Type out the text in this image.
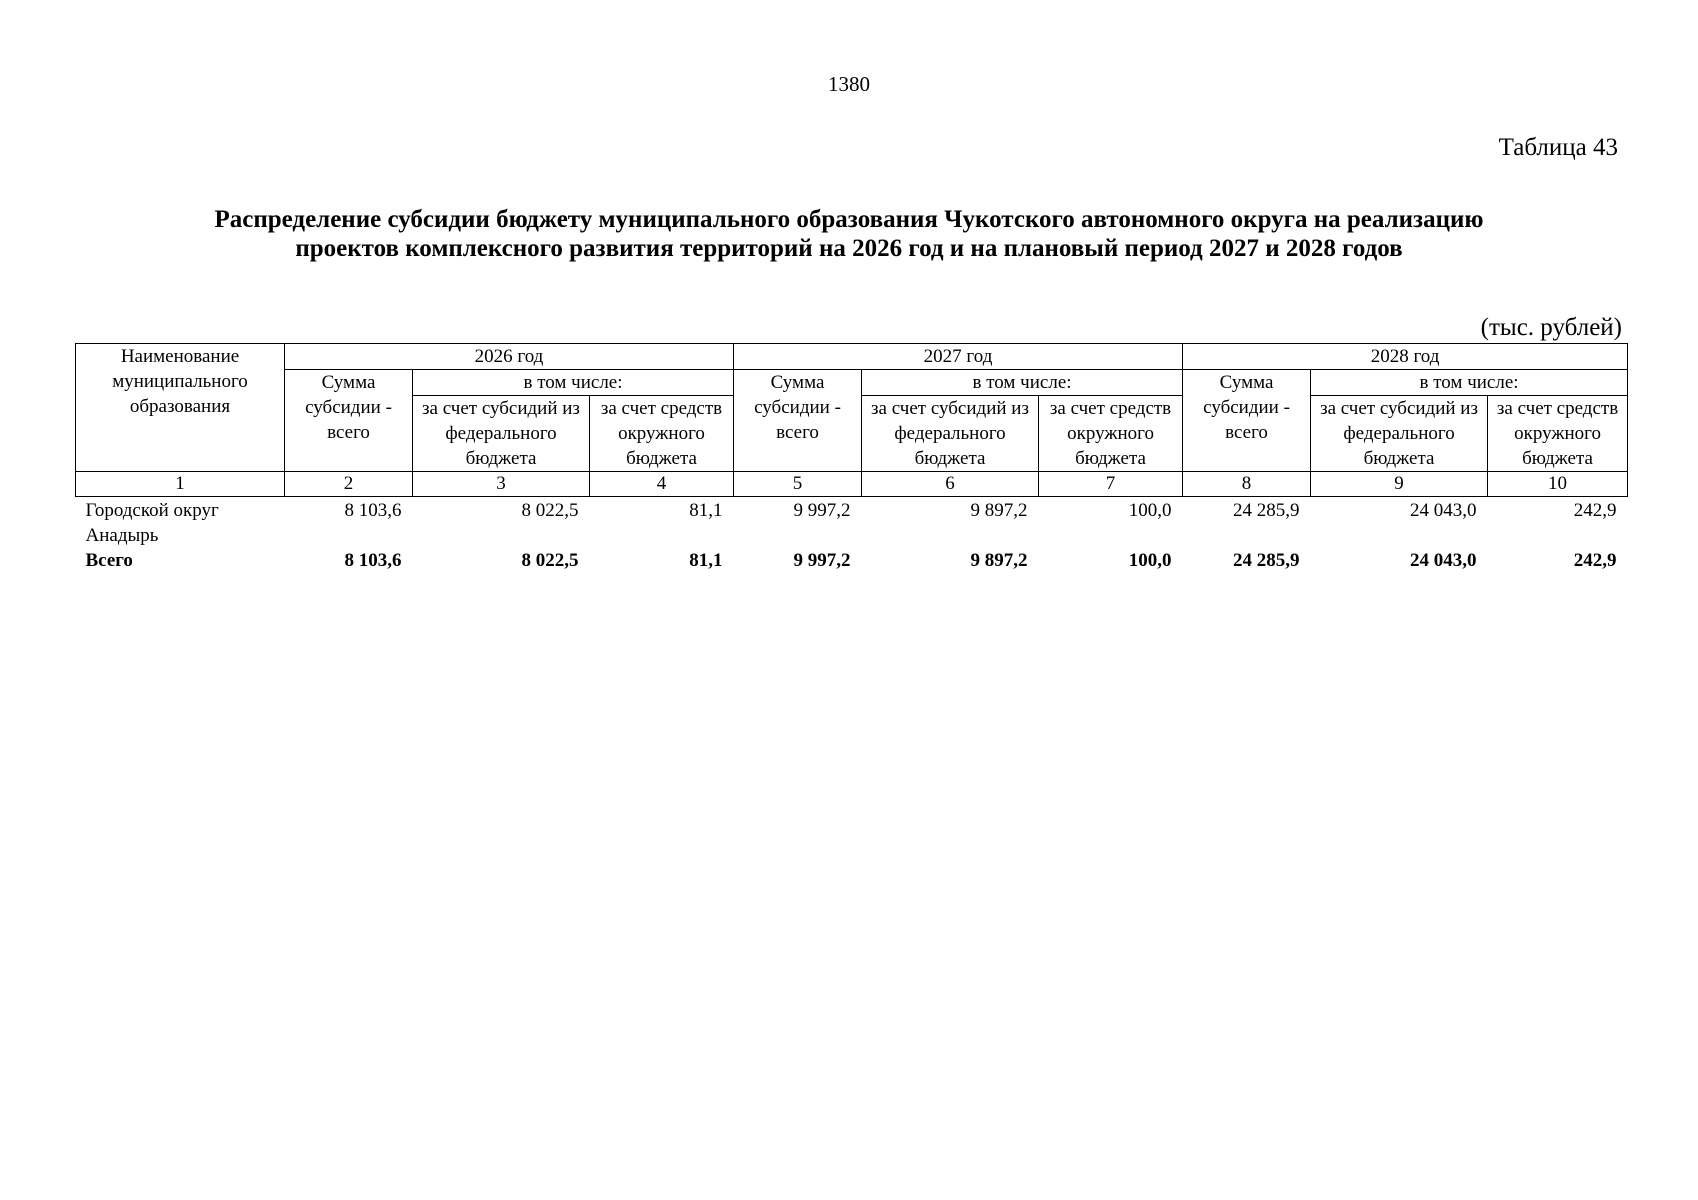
1380
Таблица 43
Распределение субсидии бюджету муниципального образования Чукотского автономного округа на реализацию
проектов комплексного развития территорий на 2026 год и на плановый период 2027 и 2028 годов
(тыс. рублей)
Наименование муниципального образования	2026 год			2027 год			2028 год		
	Сумма субсидии - всего	в том числе:		Сумма субсидии - всего	в том числе:		Сумма субсидии - всего	в том числе:	
		за счет субсидий из федерального бюджета	за счет средств окружного бюджета		за счет субсидий из федерального бюджета	за счет средств окружного бюджета		за счет субсидий из федерального бюджета	за счет средств окружного бюджета
1	2	3	4	5	6	7	8	9	10
Городской округ Анадырь	8 103,6	8 022,5	81,1	9 997,2	9 897,2	100,0	24 285,9	24 043,0	242,9
Всего	8 103,6	8 022,5	81,1	9 997,2	9 897,2	100,0	24 285,9	24 043,0	242,9
